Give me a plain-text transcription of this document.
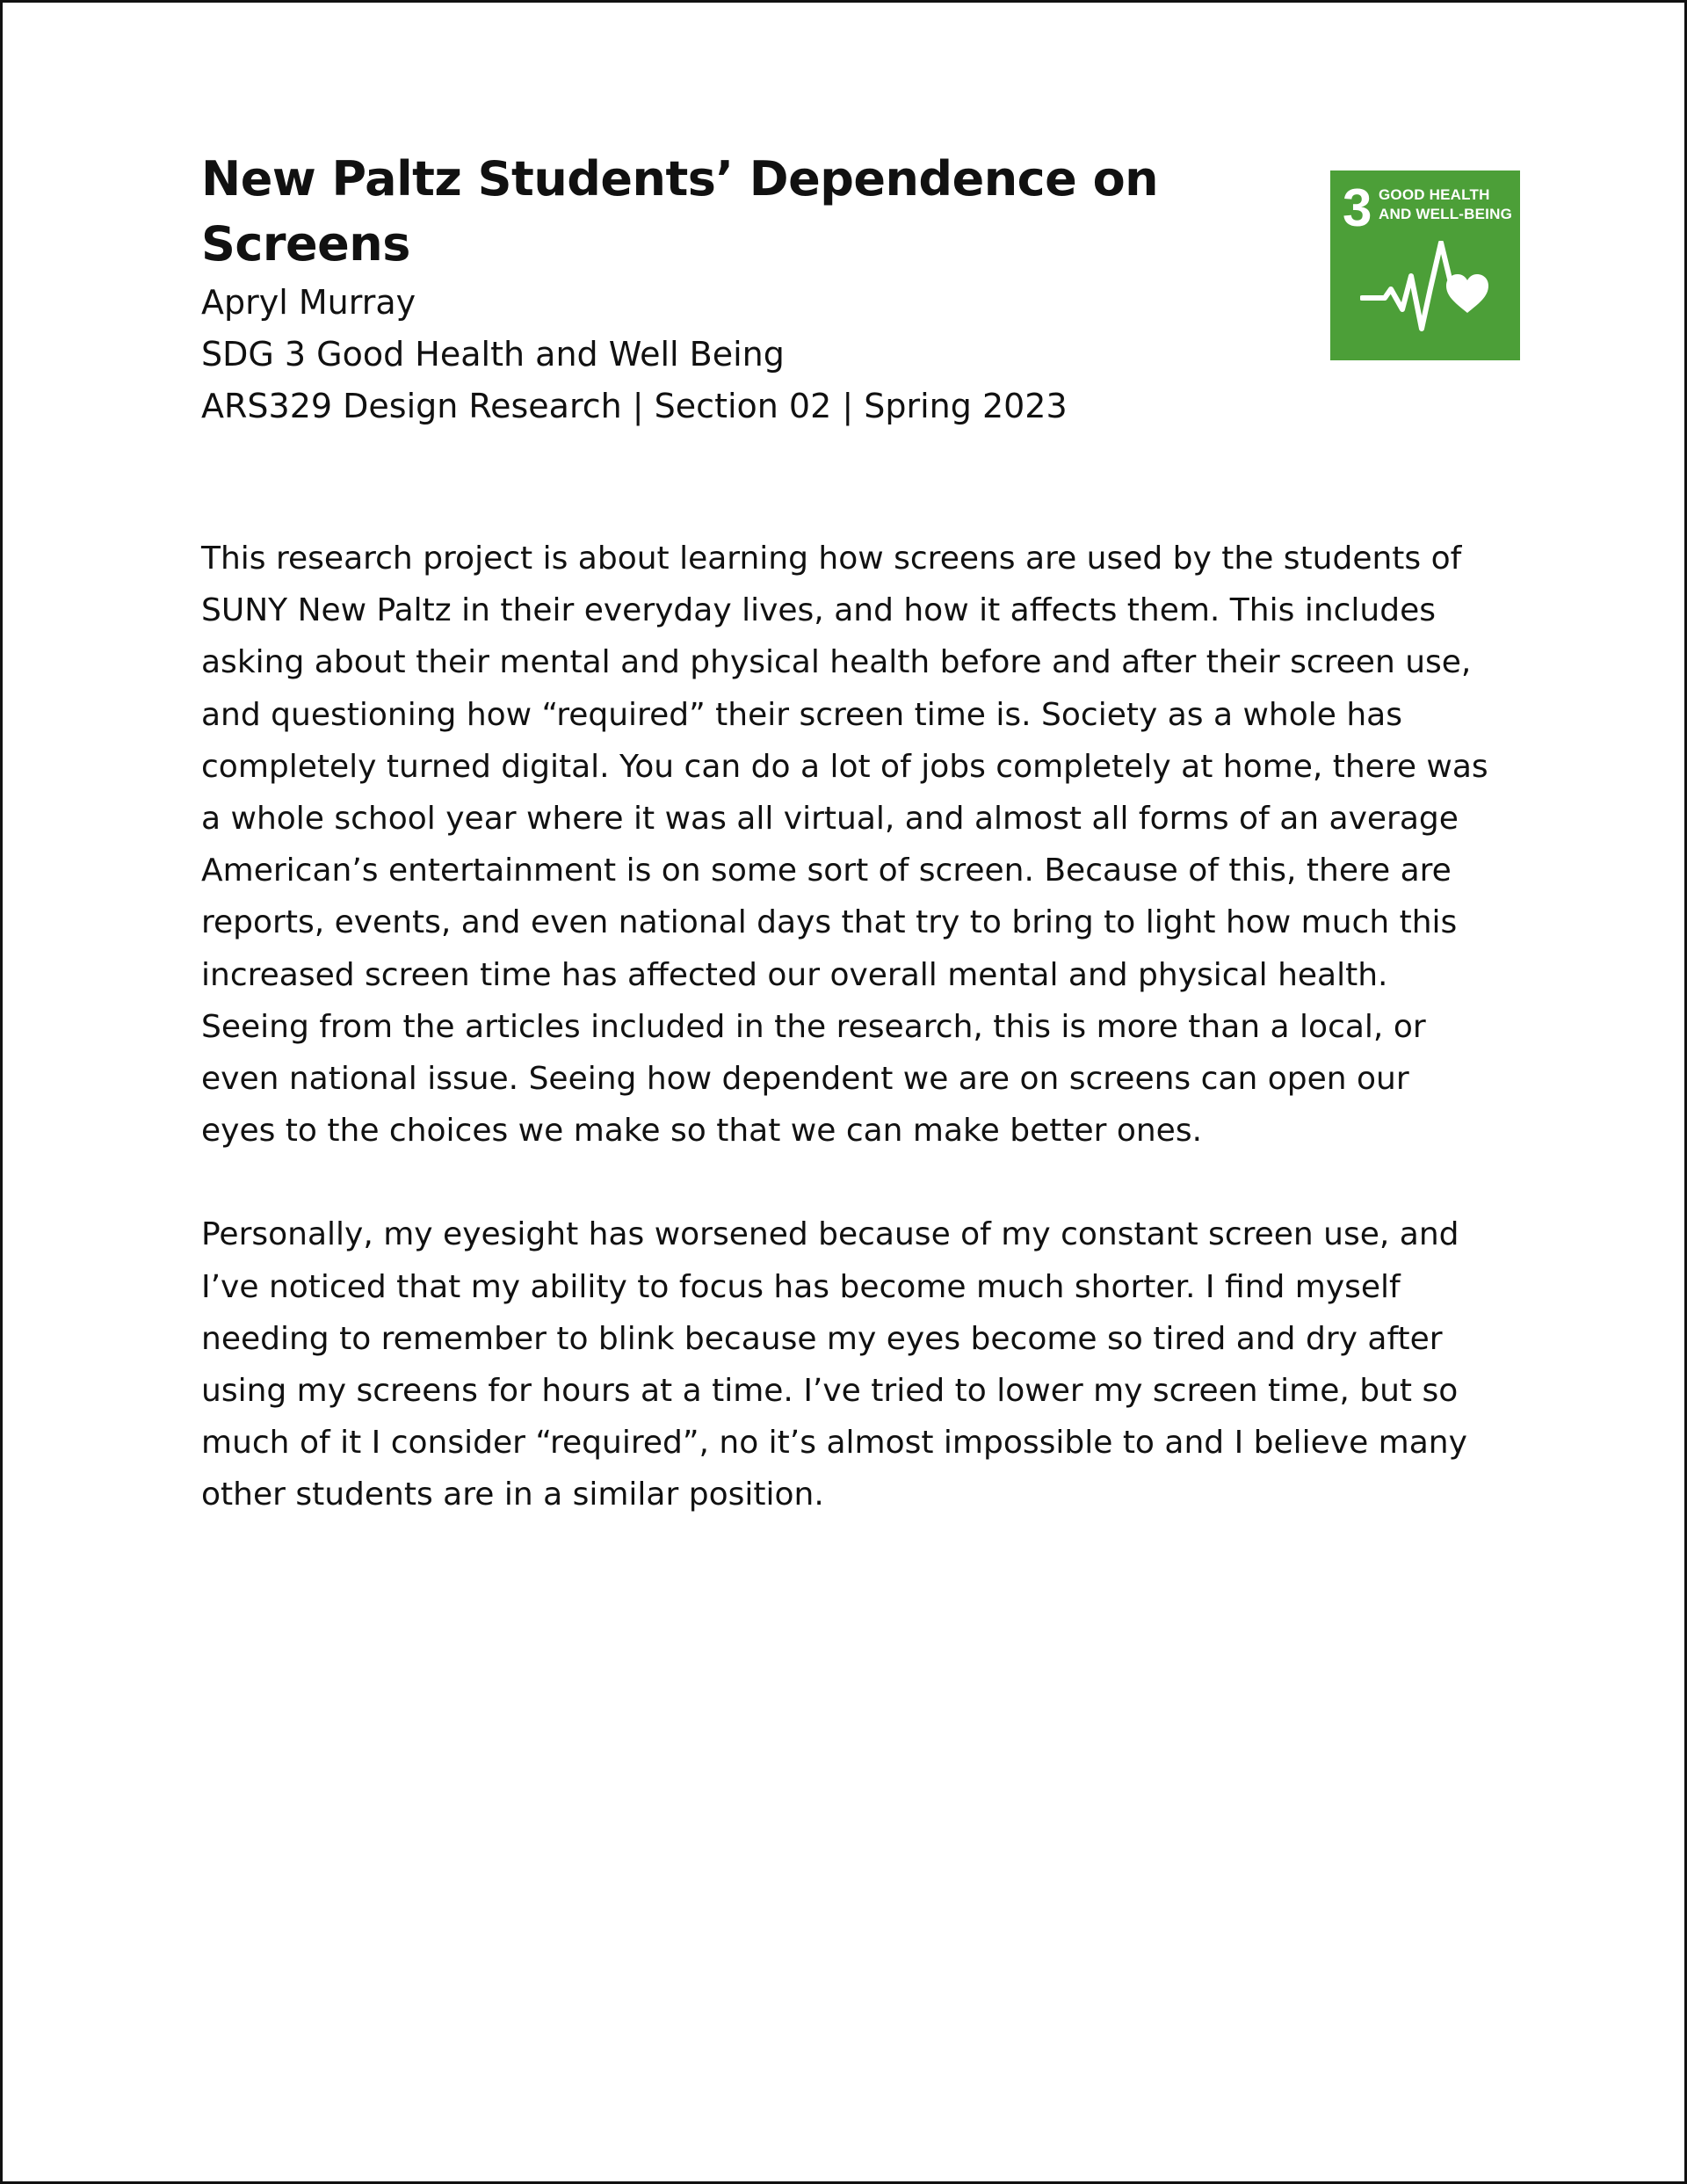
New Paltz Students’ Dependence on Screens

Apryl Murray

SDG 3 Good Health and Well Being

ARS329 Design Research | Section 02 | Spring 2023

3 GOOD HEALTH
AND WELL-BEING

This research project is about learning how screens are used by the students of SUNY New Paltz in their everyday lives, and how it affects them. This includes asking about their mental and physical health before and after their screen use, and questioning how “required” their screen time is. Society as a whole has completely turned digital. You can do a lot of jobs completely at home, there was a whole school year where it was all virtual, and almost all forms of an average American’s entertainment is on some sort of screen. Because of this, there are reports, events, and even national days that try to bring to light how much this increased screen time has affected our overall mental and physical health. Seeing from the articles included in the research, this is more than a local, or even national issue. Seeing how dependent we are on screens can open our eyes to the choices we make so that we can make better ones.

Personally, my eyesight has worsened because of my constant screen use, and I’ve noticed that my ability to focus has become much shorter. I find myself needing to remember to blink because my eyes become so tired and dry after using my screens for hours at a time. I’ve tried to lower my screen time, but so much of it I consider “required”, no it’s almost impossible to and I believe many other students are in a similar position.
